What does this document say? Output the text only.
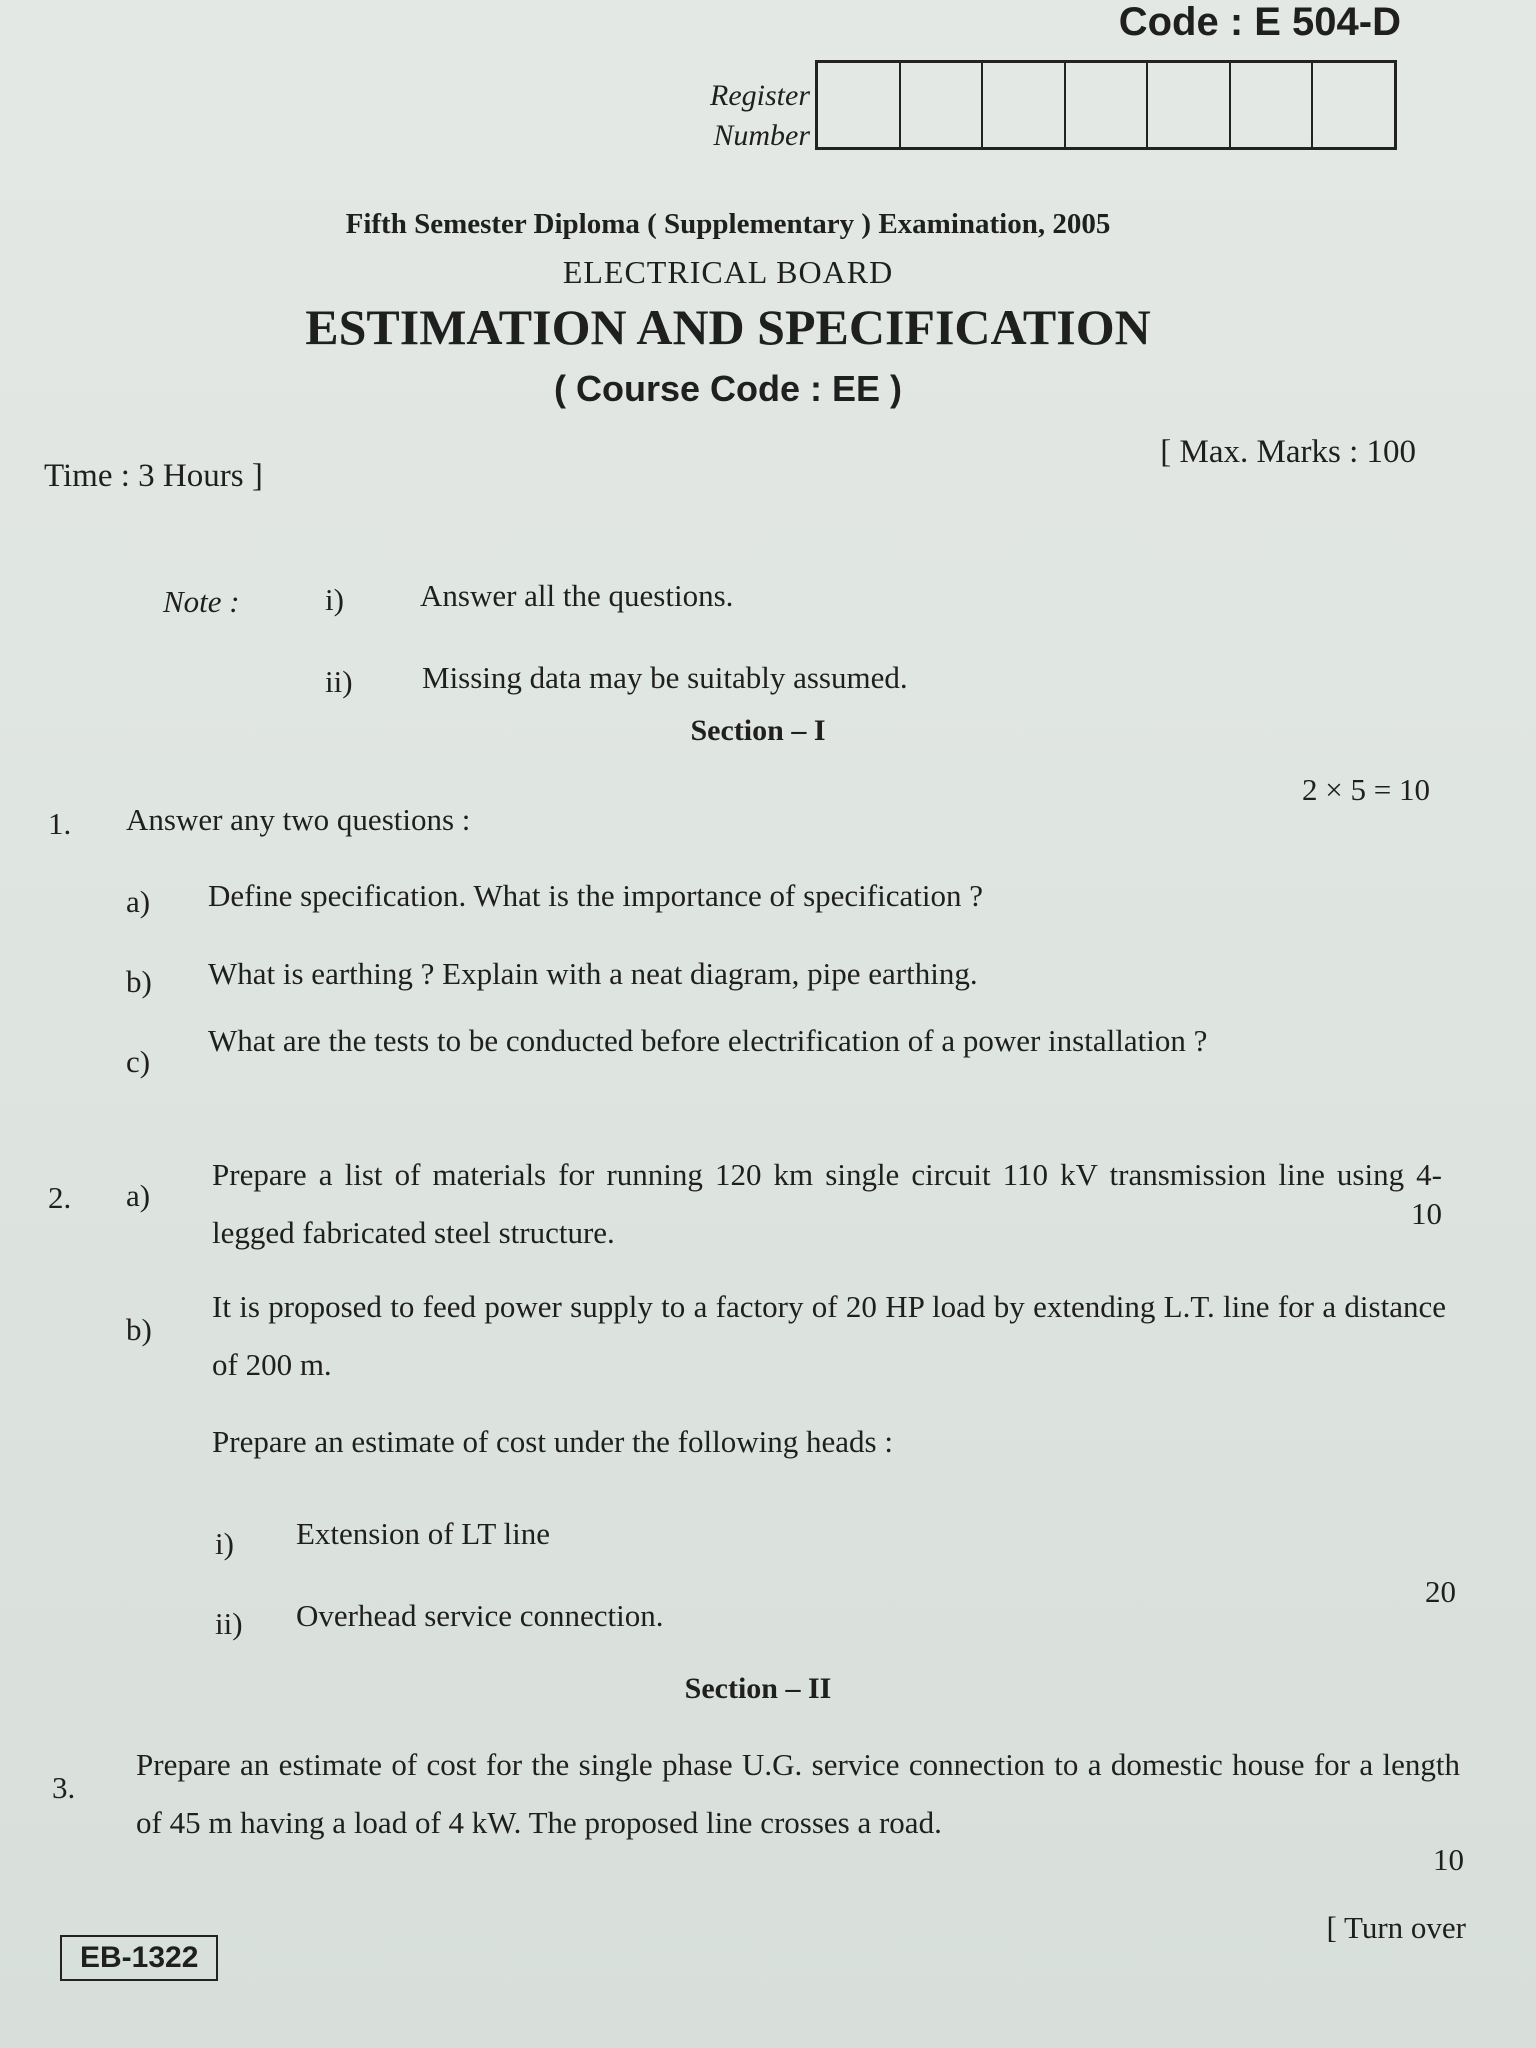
Code : E 504-D
Register
Number
Fifth Semester Diploma ( Supplementary ) Examination, 2005
ELECTRICAL BOARD
ESTIMATION AND SPECIFICATION
( Course Code : EE )
Time : 3 Hours ]
[ Max. Marks : 100
Note :	i) Answer all the questions.
ii) Missing data may be suitably assumed.
Section – I
1. Answer any two questions :
2 × 5 = 10
a) Define specification. What is the importance of specification ?
b) What is earthing ? Explain with a neat diagram, pipe earthing.
c)
What are the tests to be conducted before electrification of a power installation ?
2. a)
Prepare a list of materials for running 120 km single circuit 110 kV transmission line using 4-legged fabricated steel structure.
10
b)
It is proposed to feed power supply to a factory of 20 HP load by extending L.T. line for a distance of 200 m.
Prepare an estimate of cost under the following heads :
i) Extension of LT line
ii) Overhead service connection.
20
Section – II
3.
Prepare an estimate of cost for the single phase U.G. service connection to a domestic house for a length of 45 m having a load of 4 kW. The proposed line crosses a road.
10
[ Turn over
EB-1322
